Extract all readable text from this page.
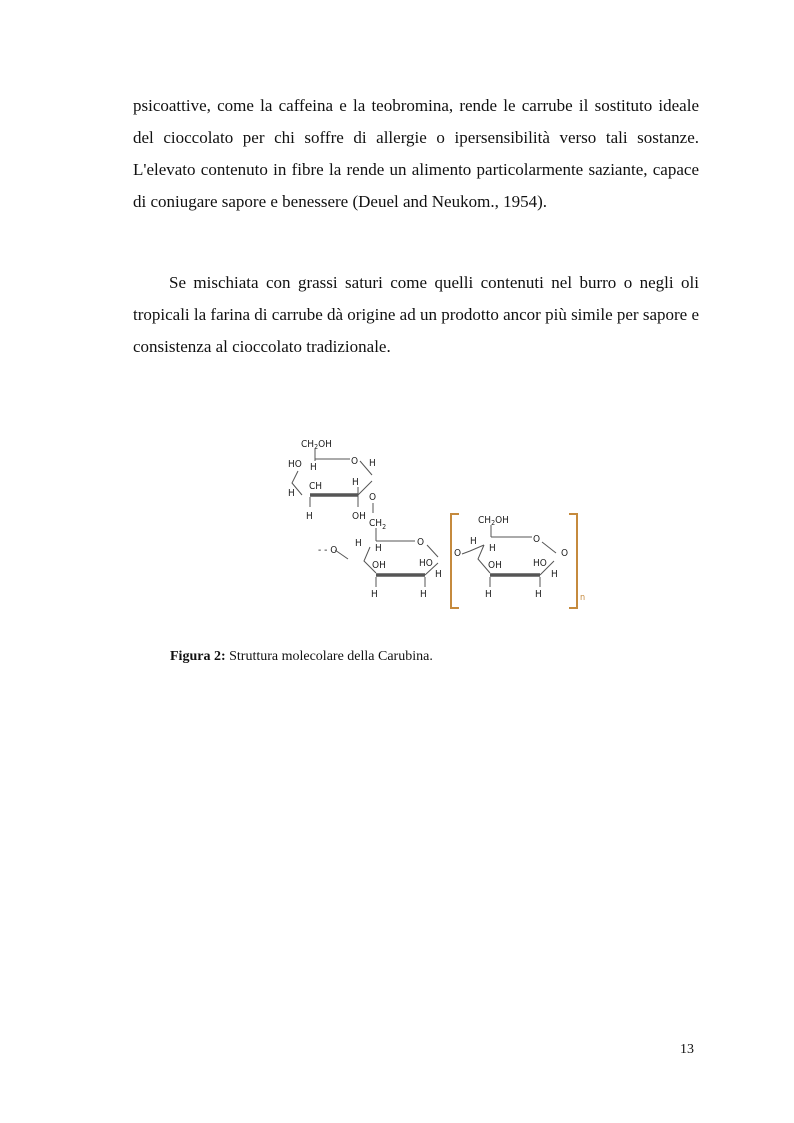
psicoattive, come la caffeina e la teobromina, rende le carrube il sostituto ideale del cioccolato per chi soffre di allergie o ipersensibilità verso tali sostanze. L'elevato contenuto in fibre la rende un alimento particolarmente saziante, capace di coniugare sapore e benessere (Deuel and Neukom., 1954).

Se mischiata con grassi saturi come quelli contenuti nel burro o negli oli tropicali la farina di carrube dà origine ad un prodotto ancor più simile per sapore e consistenza al cioccolato tradizionale.

$CH_2OH$
HO H
O H
H
CH
H
H	OH
O
$CH_2$
- - O
H H
O
OH	HO
H
H	H
O
n
$CH_2OH$
O
O
H
H
OH	HO
H
H	H
Figura 2: Struttura molecolare della Carubina.
13
